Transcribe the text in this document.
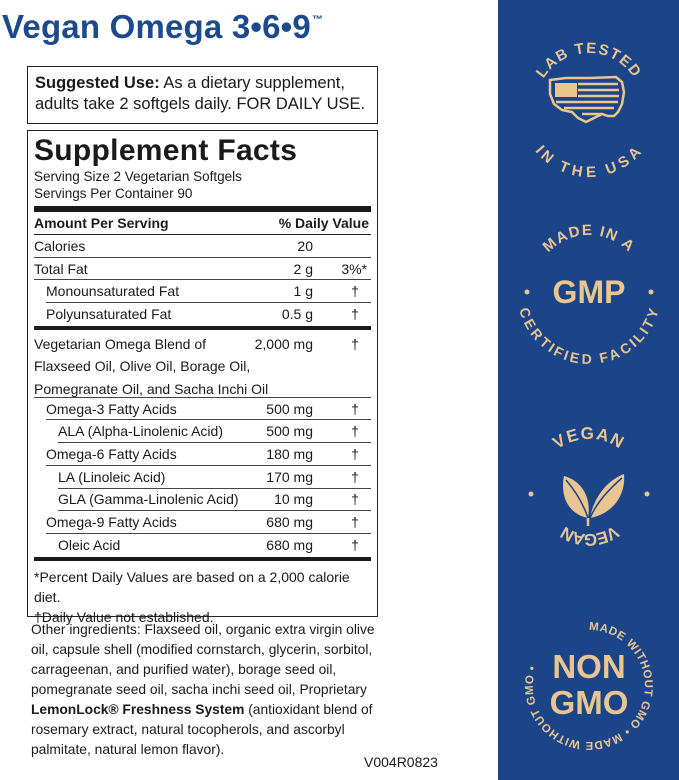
Vegan Omega 3•6•9™
Suggested Use: As a dietary supplement, adults take 2 softgels daily. FOR DAILY USE.
Supplement Facts
Serving Size 2 Vegetarian Softgels
Servings Per Container 90
Amount Per Serving	% Daily Value
Calories	20
Total Fat	2 g	3%*
Monounsaturated Fat	1 g	†
Polyunsaturated Fat	0.5 g	†
Vegetarian Omega Blend of
Flaxseed Oil, Olive Oil, Borage Oil,
Pomegranate Oil, and Sacha Inchi Oil
2,000 mg	†
Omega-3 Fatty Acids	500 mg	†
ALA (Alpha-Linolenic Acid)	500 mg	†
Omega-6 Fatty Acids	180 mg	†
LA (Linoleic Acid)	170 mg	†
GLA (Gamma-Linolenic Acid)	10 mg	†
Omega-9 Fatty Acids	680 mg	†
Oleic Acid	680 mg	†
*Percent Daily Values are based on a 2,000 calorie diet.
†Daily Value not established.
Other ingredients: Flaxseed oil, organic extra virgin olive oil, capsule shell (modified cornstarch, glycerin, sorbitol, carrageenan, and purified water), borage seed oil, pomegranate seed oil, sacha inchi seed oil, Proprietary LemonLock® Freshness System (antioxidant blend of rosemary extract, natural tocopherols, and ascorbyl palmitate, natural lemon flavor).
V004R0823
LAB TESTED
IN THE USA
MADE IN A
GMP
CERTIFIED FACILITY
VEGAN
VEGAN
MADE WITHOUT GMO • MADE WITHOUT GMO • NON
GMO
